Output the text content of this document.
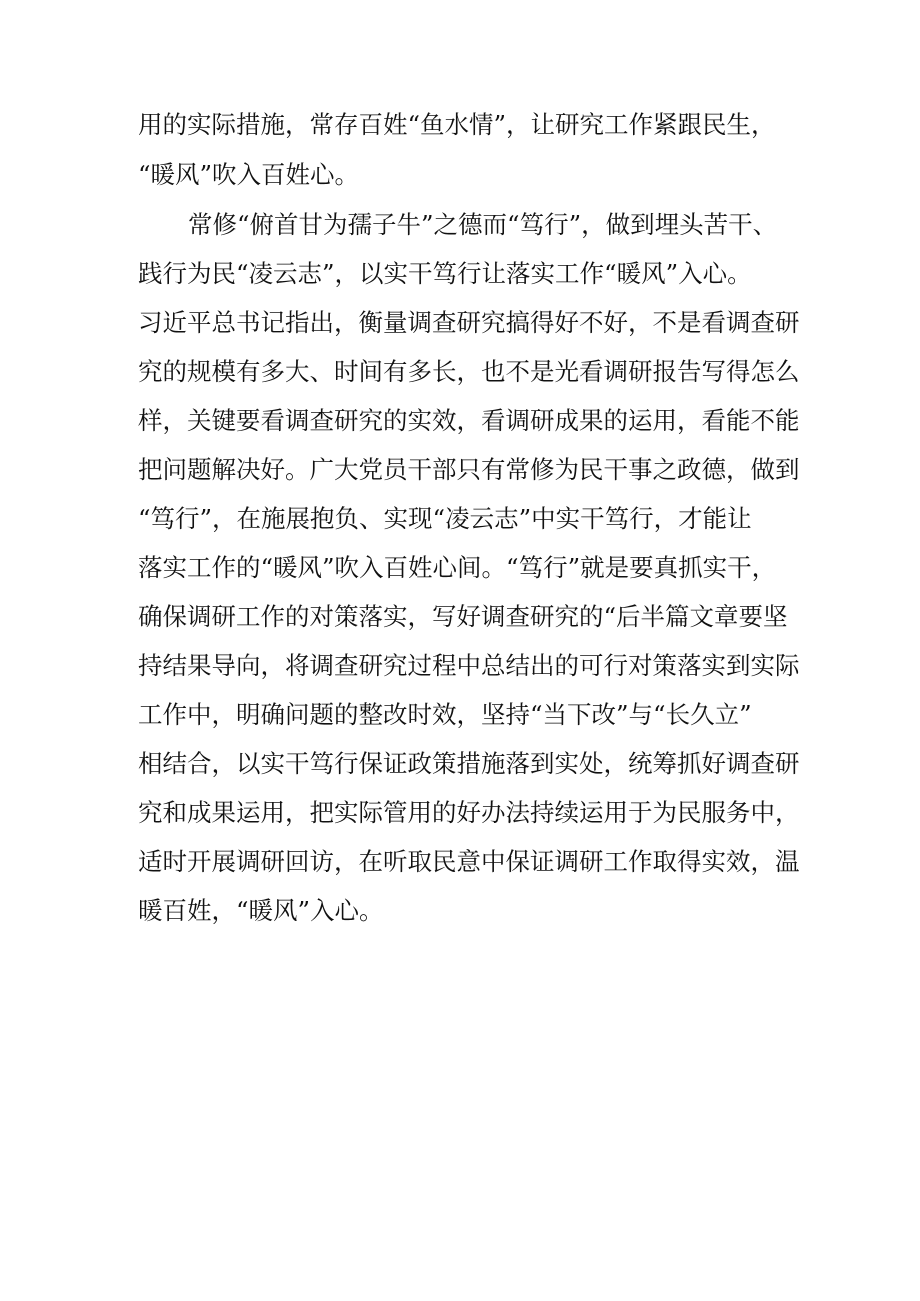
用的实际措施，常存百姓“鱼水情”，让研究工作紧跟民生，
“暖风”吹入百姓心。
常修“俯首甘为孺子牛”之德而“笃行”，做到埋头苦干、
践行为民“凌云志”，以实干笃行让落实工作“暖风”入心。
习近平总书记指出，衡量调查研究搞得好不好，不是看调查研
究的规模有多大、时间有多长，也不是光看调研报告写得怎么
样，关键要看调查研究的实效，看调研成果的运用，看能不能
把问题解决好。广大党员干部只有常修为民干事之政德，做到
“笃行”，在施展抱负、实现“凌云志”中实干笃行，才能让
落实工作的“暖风”吹入百姓心间。“笃行”就是要真抓实干，
确保调研工作的对策落实，写好调查研究的“后半篇文章要坚
持结果导向，将调查研究过程中总结出的可行对策落实到实际
工作中，明确问题的整改时效，坚持“当下改”与“长久立”
相结合，以实干笃行保证政策措施落到实处，统筹抓好调查研
究和成果运用，把实际管用的好办法持续运用于为民服务中，
适时开展调研回访，在听取民意中保证调研工作取得实效，温
暖百姓，“暖风”入心。
